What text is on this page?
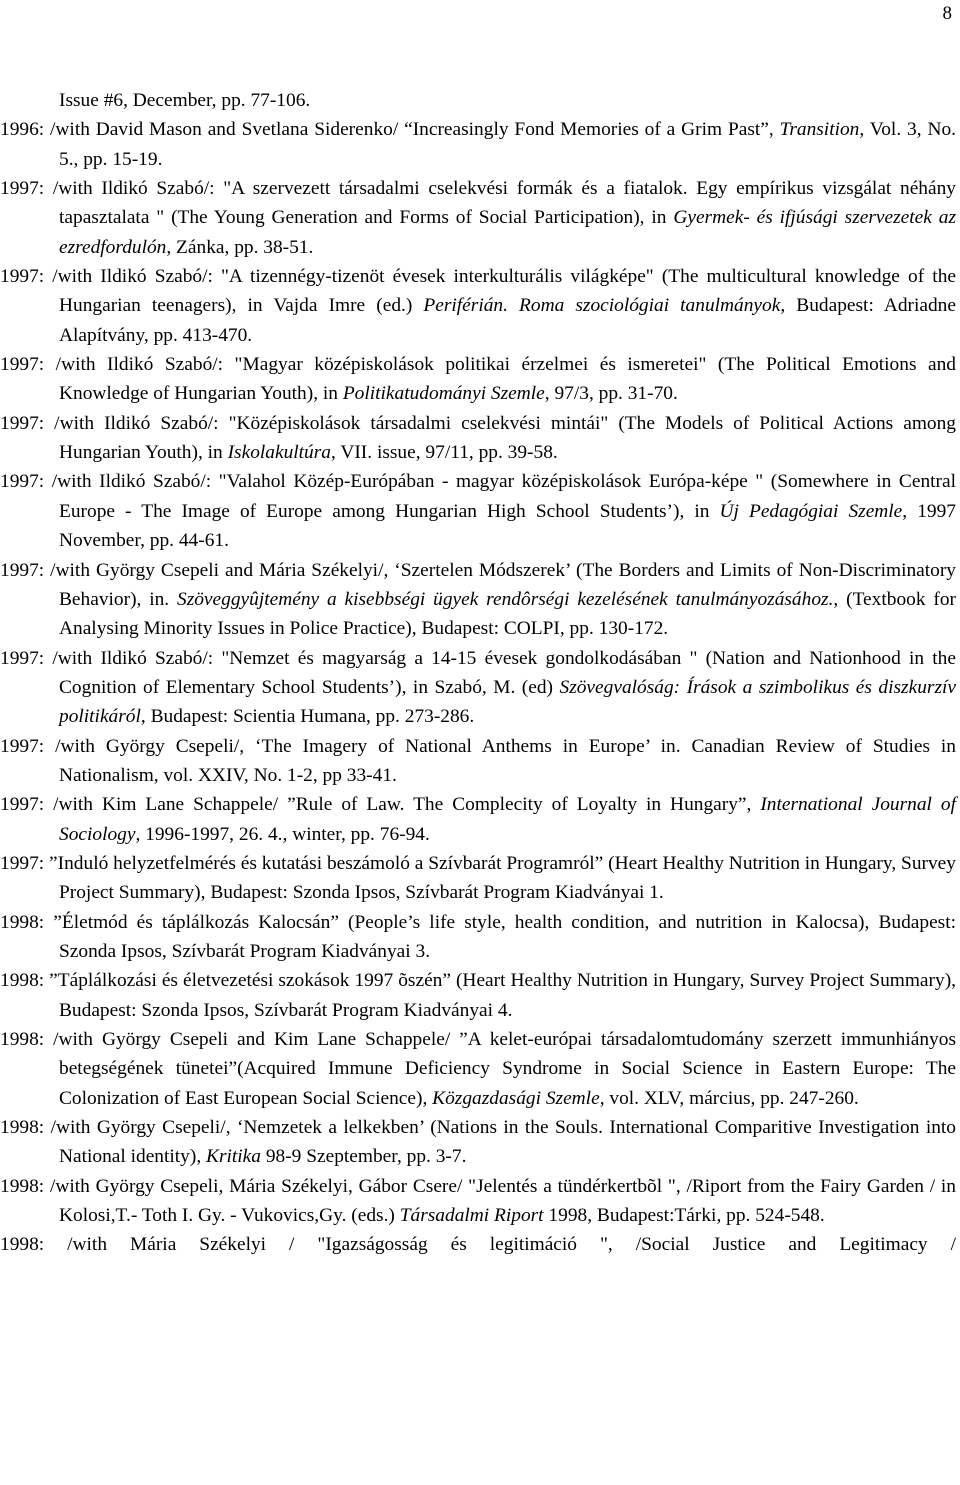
8

Issue #6, December, pp. 77-106.

1996: /with David Mason and Svetlana Siderenko/ “Increasingly Fond Memories of a Grim Past”, Transition, Vol. 3, No. 5., pp. 15-19.

1997: /with Ildikó Szabó/: "A szervezett társadalmi cselekvési formák és a fiatalok. Egy empírikus vizsgálat néhány tapasztalata " (The Young Generation and Forms of Social Participation), in Gyermek- és ifjúsági szervezetek az ezredfordulón, Zánka, pp. 38-51.

1997: /with Ildikó Szabó/: "A tizennégy-tizenöt évesek interkulturális világképe" (The multicultural knowledge of the Hungarian teenagers), in Vajda Imre (ed.) Periférián. Roma szociológiai tanulmányok, Budapest: Adriadne Alapítvány, pp. 413-470.

1997: /with Ildikó Szabó/: "Magyar középiskolások politikai érzelmei és ismeretei" (The Political Emotions and Knowledge of Hungarian Youth), in Politikatudományi Szemle, 97/3, pp. 31-70.

1997: /with Ildikó Szabó/: "Középiskolások társadalmi cselekvési mintái" (The Models of Political Actions among Hungarian Youth), in Iskolakultúra, VII. issue, 97/11, pp. 39-58.

1997: /with Ildikó Szabó/: "Valahol Közép-Európában - magyar középiskolások Európa-képe " (Somewhere in Central Europe - The Image of Europe among Hungarian High School Students’), in Új Pedagógiai Szemle, 1997 November, pp. 44-61.

1997: /with György Csepeli and Mária Székelyi/, ‘Szertelen Módszerek’ (The Borders and Limits of Non-Discriminatory Behavior), in. Szöveggyûjtemény a kisebbségi ügyek rendôrségi kezelésének tanulmányozásához., (Textbook for Analysing Minority Issues in Police Practice), Budapest: COLPI, pp. 130-172.

1997: /with Ildikó Szabó/: "Nemzet és magyarság a 14-15 évesek gondolkodásában " (Nation and Nationhood in the Cognition of Elementary School Students’), in Szabó, M. (ed) Szövegvalóság: Írások a szimbolikus és diszkurzív politikáról, Budapest: Scientia Humana, pp. 273-286.

1997: /with György Csepeli/, ‘The Imagery of National Anthems in Europe’ in. Canadian Review of Studies in Nationalism, vol. XXIV, No. 1-2, pp 33-41.

1997: /with Kim Lane Schappele/ ”Rule of Law. The Complecity of Loyalty in Hungary”, International Journal of Sociology, 1996-1997, 26. 4., winter, pp. 76-94.

1997: ”Induló helyzetfelmérés és kutatási beszámoló a Szívbarát Programról” (Heart Healthy Nutrition in Hungary, Survey Project Summary), Budapest: Szonda Ipsos, Szívbarát Program Kiadványai 1.

1998: ”Életmód és táplálkozás Kalocsán” (People’s life style, health condition, and nutrition in Kalocsa), Budapest: Szonda Ipsos, Szívbarát Program Kiadványai 3.

1998: ”Táplálkozási és életvezetési szokások 1997 õszén” (Heart Healthy Nutrition in Hungary, Survey Project Summary), Budapest: Szonda Ipsos, Szívbarát Program Kiadványai 4.

1998: /with György Csepeli and Kim Lane Schappele/ ”A kelet-európai társadalomtudomány szerzett immunhiányos betegségének tünetei”(Acquired Immune Deficiency Syndrome in Social Science in Eastern Europe: The Colonization of East European Social Science), Közgazdasági Szemle, vol. XLV, március, pp. 247-260.

1998: /with György Csepeli/, ‘Nemzetek a lelkekben’ (Nations in the Souls. International Comparitive Investigation into National identity), Kritika 98-9 Szeptember, pp. 3-7.

1998: /with György Csepeli, Mária Székelyi, Gábor Csere/ "Jelentés a tündérkertbõl ", /Riport from the Fairy Garden / in Kolosi,T.- Toth I. Gy. - Vukovics,Gy. (eds.) Társadalmi Riport 1998, Budapest:Tárki, pp. 524-548.

1998: /with Mária Székelyi / "Igazságosság és legitimáció ", /Social Justice and Legitimacy /
